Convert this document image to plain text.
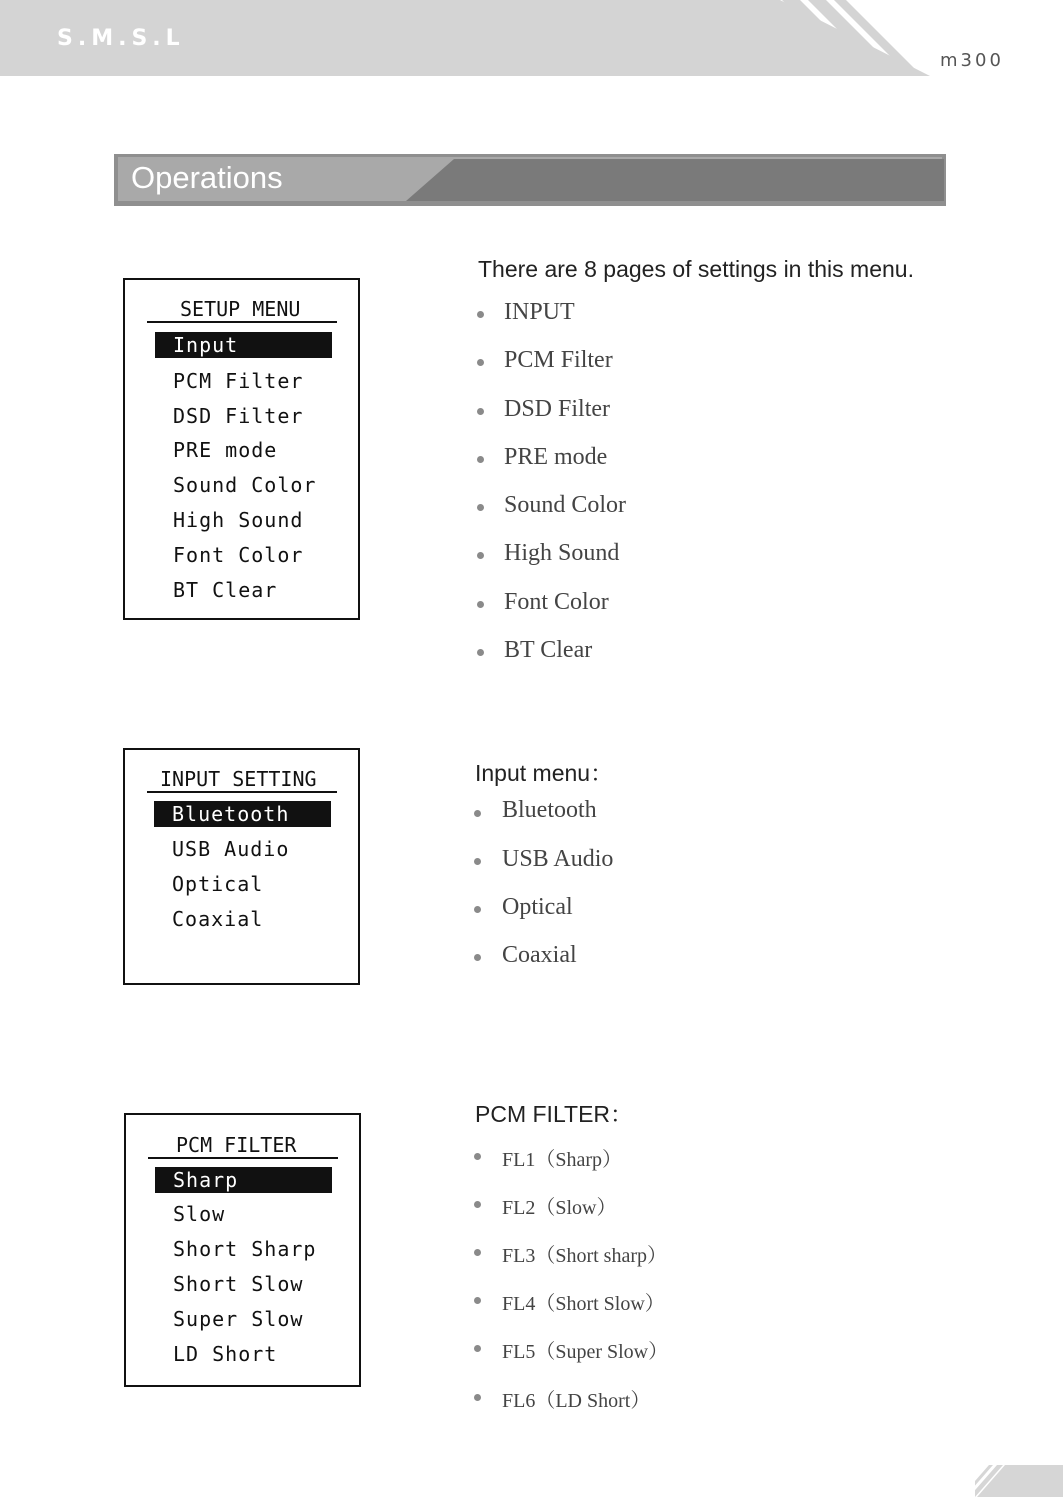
S.M.S.L
m300
Operations
SETUP MENU
Input
PCM Filter
DSD Filter
PRE mode
Sound Color
High Sound
Font Color
BT Clear
There are 8 pages of settings in this menu.
INPUT
PCM Filter
DSD Filter
PRE mode
Sound Color
High Sound
Font Color
BT Clear
INPUT SETTING
Bluetooth
USB Audio
Optical
Coaxial
Input menu：
Bluetooth
USB Audio
Optical
Coaxial
PCM FILTER
Sharp
Slow
Short Sharp
Short Slow
Super Slow
LD Short
PCM FILTER：
FL1（Sharp）
FL2（Slow）
FL3（Short sharp）
FL4（Short Slow）
FL5（Super Slow）
FL6（LD Short）
